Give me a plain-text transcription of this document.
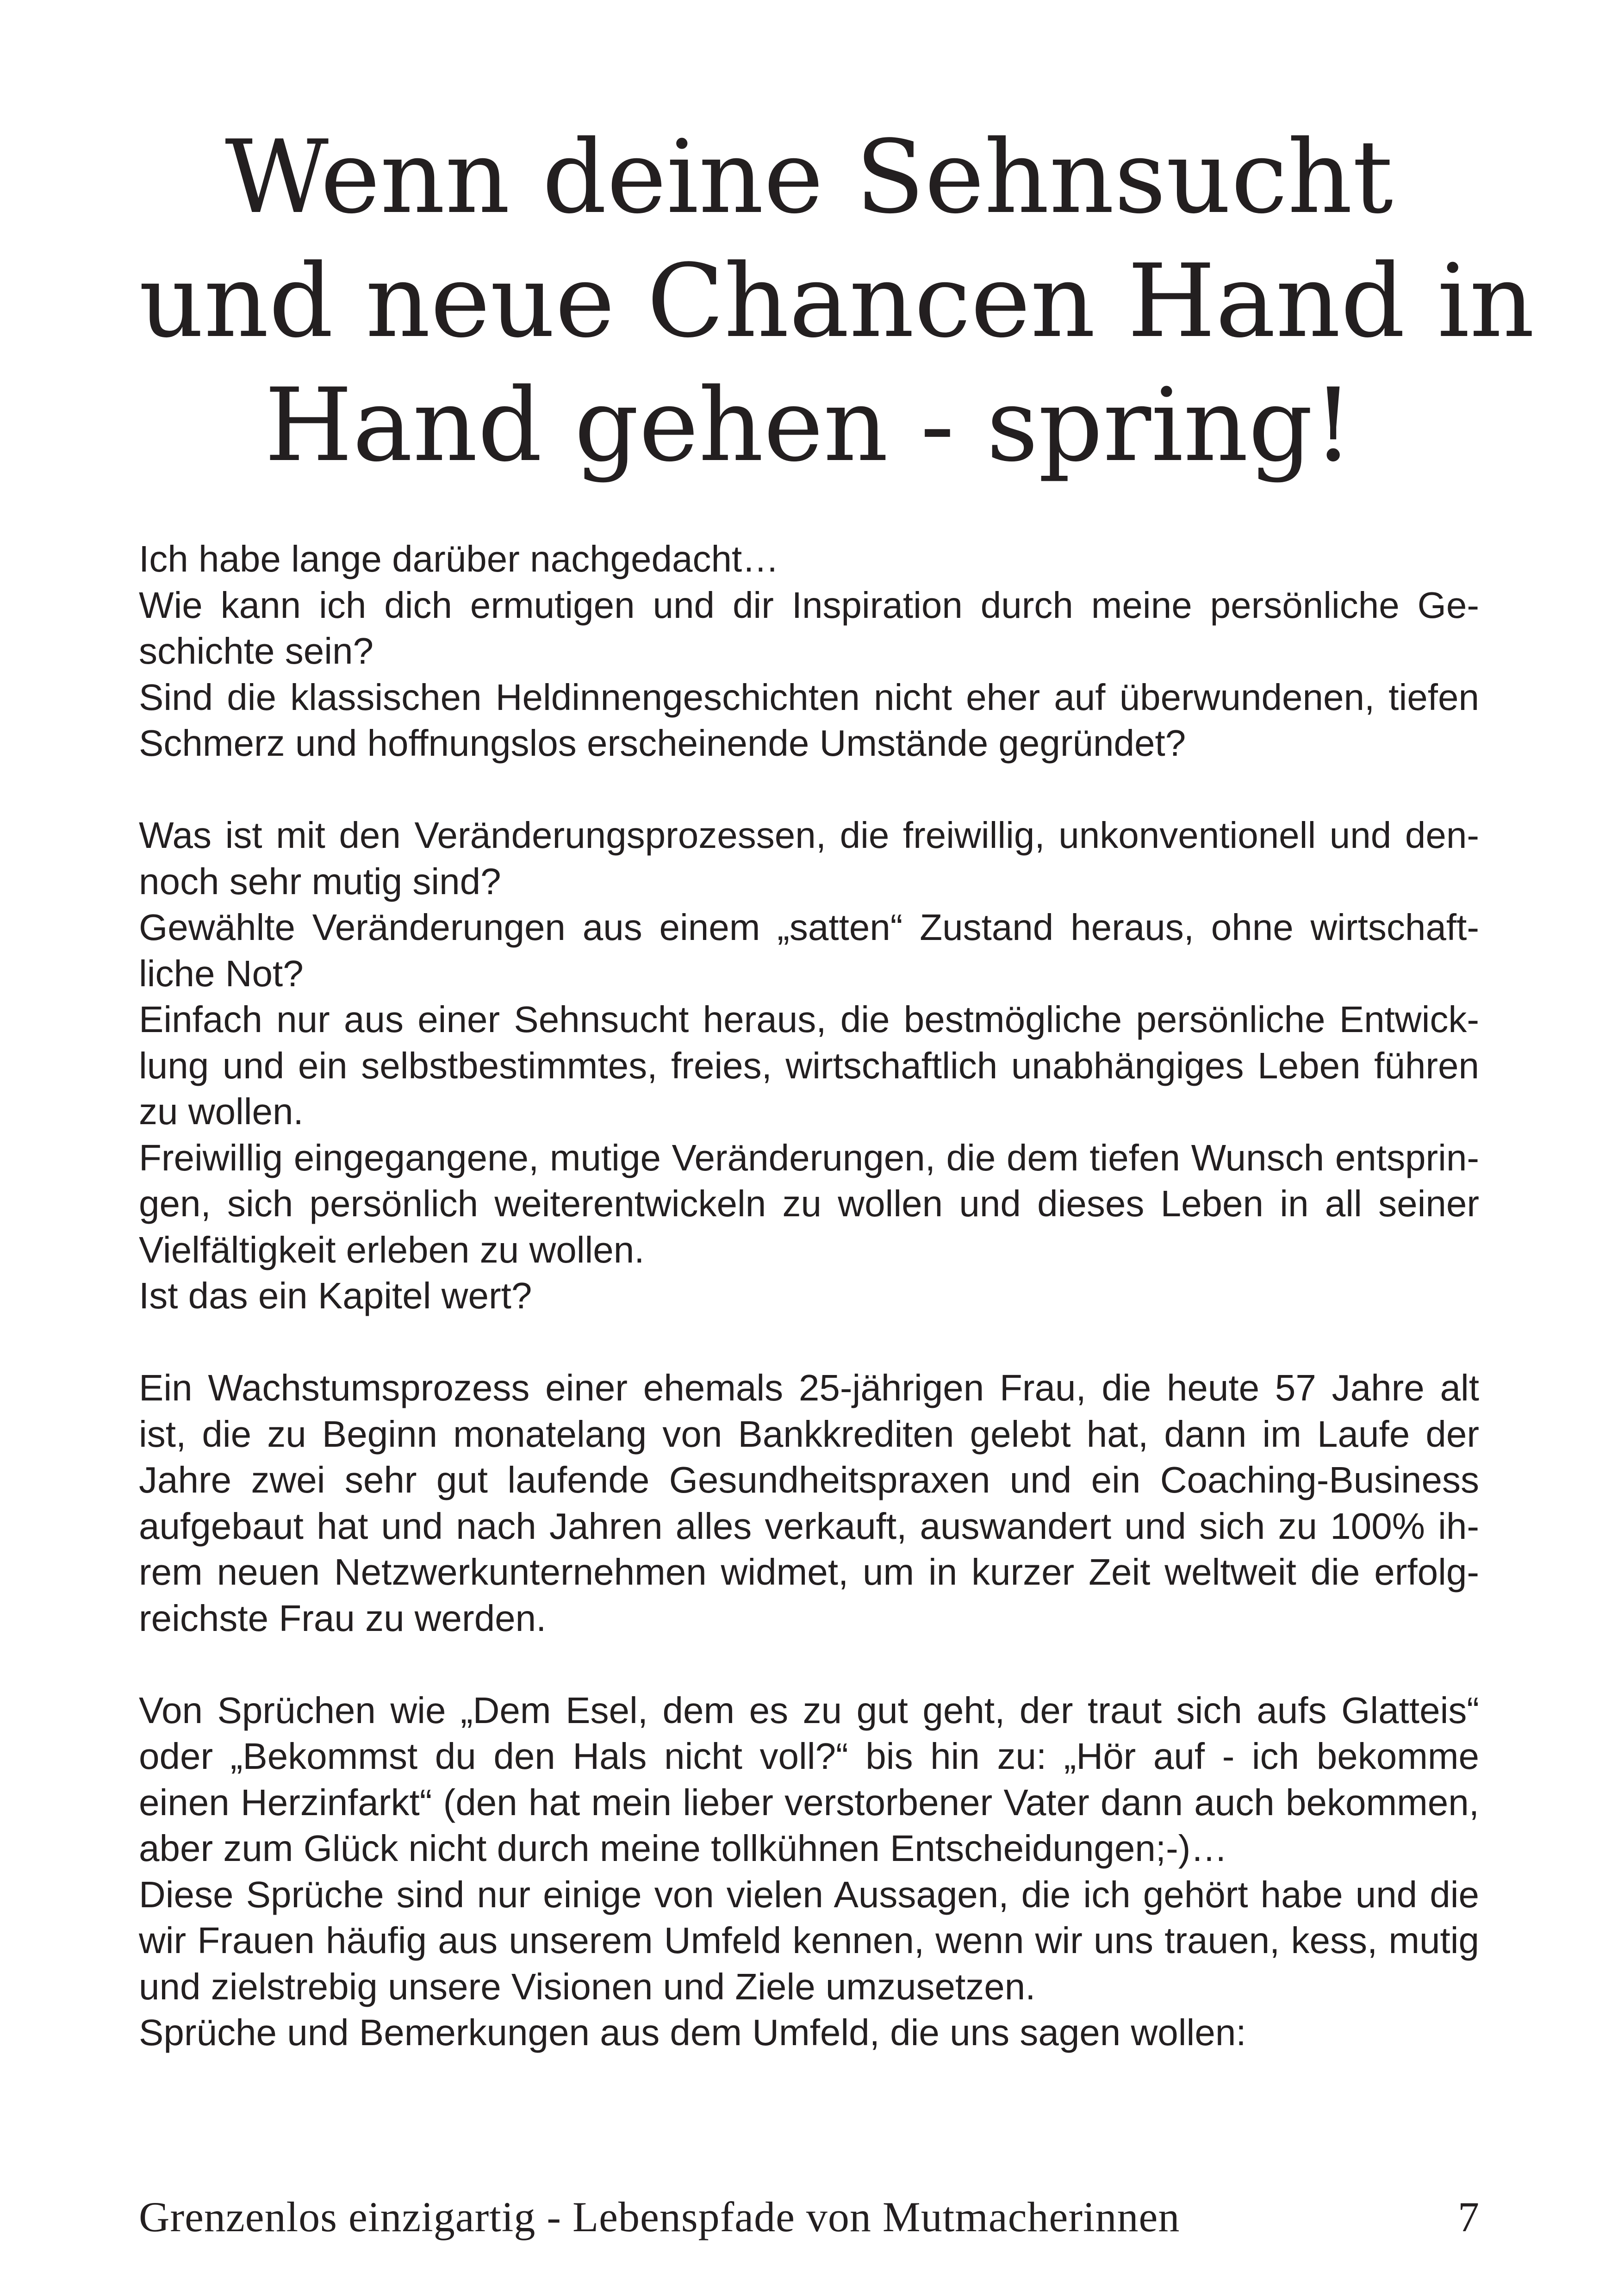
Wenn deine Sehnsucht
und neue Chancen Hand in
Hand gehen - spring!

Ich habe lange darüber nachgedacht…
Wie kann ich dich ermutigen und dir Inspiration durch meine persönliche Ge-
schichte sein?
Sind die klassischen Heldinnengeschichten nicht eher auf überwundenen, tiefen
Schmerz und hoffnungslos erscheinende Umstände gegründet?

Was ist mit den Veränderungsprozessen, die freiwillig, unkonventionell und den-
noch sehr mutig sind?
Gewählte Veränderungen aus einem „satten“ Zustand heraus, ohne wirtschaft-
liche Not?
Einfach nur aus einer Sehnsucht heraus, die bestmögliche persönliche Entwick-
lung und ein selbstbestimmtes, freies, wirtschaftlich unabhängiges Leben führen
zu wollen.
Freiwillig eingegangene, mutige Veränderungen, die dem tiefen Wunsch entsprin-
gen, sich persönlich weiterentwickeln zu wollen und dieses Leben in all seiner
Vielfältigkeit erleben zu wollen.
Ist das ein Kapitel wert?

Ein Wachstumsprozess einer ehemals 25-jährigen Frau, die heute 57 Jahre alt
ist, die zu Beginn monatelang von Bankkrediten gelebt hat, dann im Laufe der
Jahre zwei sehr gut laufende Gesundheitspraxen und ein Coaching-Business
aufgebaut hat und nach Jahren alles verkauft, auswandert und sich zu 100% ih-
rem neuen Netzwerkunternehmen widmet, um in kurzer Zeit weltweit die erfolg-
reichste Frau zu werden.

Von Sprüchen wie „Dem Esel, dem es zu gut geht, der traut sich aufs Glatteis“
oder „Bekommst du den Hals nicht voll?“ bis hin zu: „Hör auf - ich bekomme
einen Herzinfarkt“ (den hat mein lieber verstorbener Vater dann auch bekommen,
aber zum Glück nicht durch meine tollkühnen Entscheidungen;-)…
Diese Sprüche sind nur einige von vielen Aussagen, die ich gehört habe und die
wir Frauen häufig aus unserem Umfeld kennen, wenn wir uns trauen, kess, mutig
und zielstrebig unsere Visionen und Ziele umzusetzen.
Sprüche und Bemerkungen aus dem Umfeld, die uns sagen wollen:

Grenzenlos einzigartig - Lebenspfade von Mutmacherinnen	7
